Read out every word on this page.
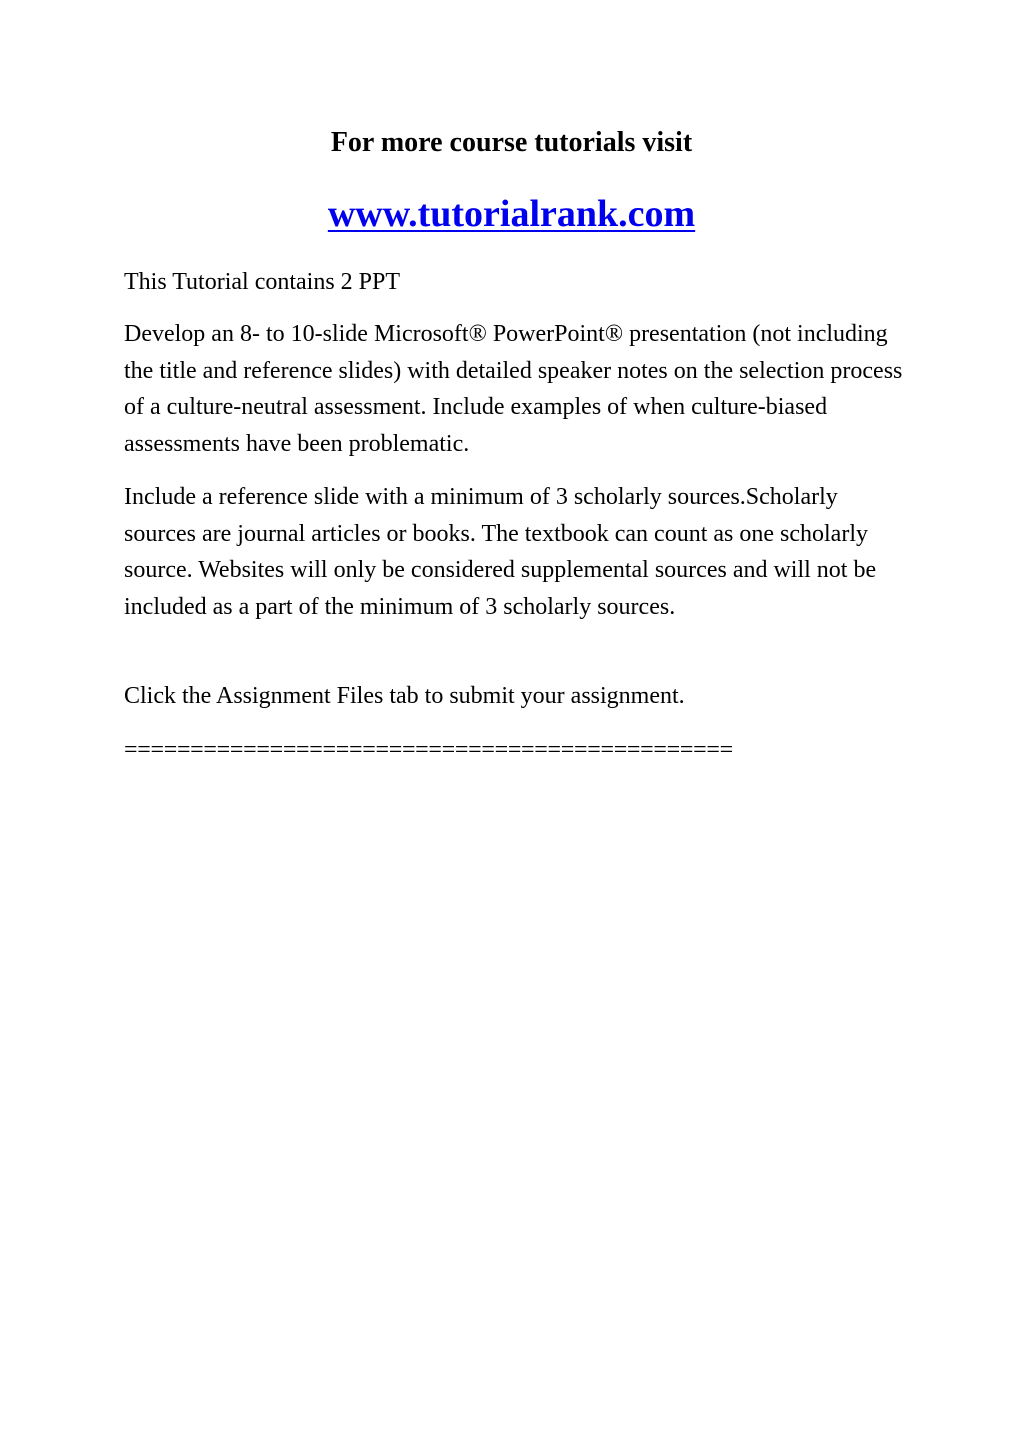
For more course tutorials visit
www.tutorialrank.com

This Tutorial contains 2 PPT

Develop an 8- to 10-slide Microsoft® PowerPoint® presentation (not including the title and reference slides) with detailed speaker notes on the selection process of a culture-neutral assessment. Include examples of when culture-biased assessments have been problematic.

Include a reference slide with a minimum of 3 scholarly sources.Scholarly sources are journal articles or books. The textbook can count as one scholarly source. Websites will only be considered supplemental sources and will not be included as a part of the minimum of 3 scholarly sources.

Click the Assignment Files tab to submit your assignment.

==============================================
